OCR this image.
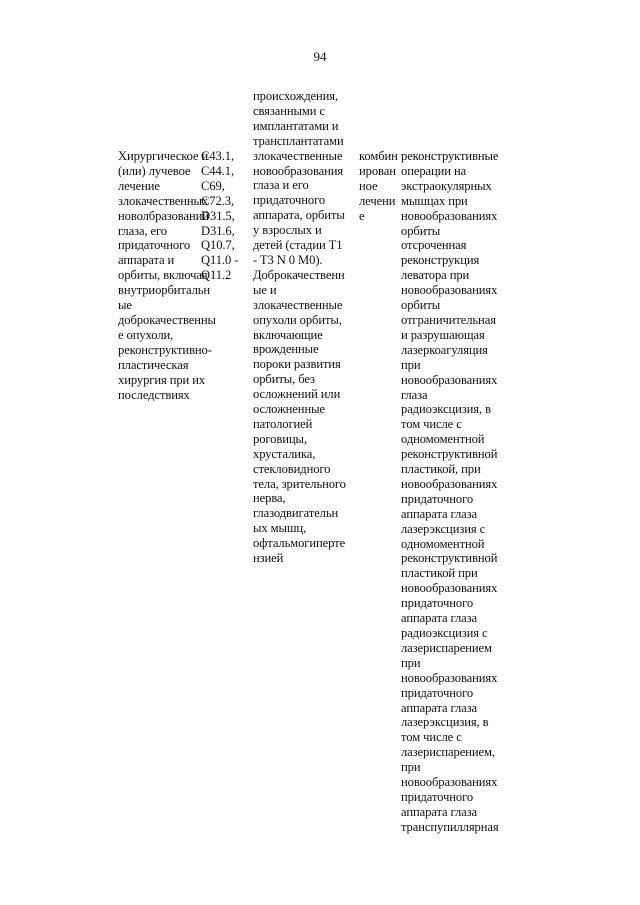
94
Хирургическое и
(или) лучевое
лечение
злокачественных
новолбразований
глаза, его
придаточного
аппарата и
орбиты, включая
внутриорбитальн
ые
доброкачественны
е опухоли,
реконструктивно-
пластическая
хирургия при их
последствиях
C43.1,
C44.1,
C69,
C72.3,
D31.5,
D31.6,
Q10.7,
Q11.0 -
Q11.2
происхождения,
связанными с
имплантатами и
трансплантатами
злокачественные
новообразования
глаза и его
придаточного
аппарата, орбиты
у взрослых и
детей (стадии T1
- T3 N 0 M0).
Доброкачественн
ые и
злокачественные
опухоли орбиты,
включающие
врожденные
пороки развития
орбиты, без
осложнений или
осложненные
патологией
роговицы,
хрусталика,
стекловидного
тела, зрительного
нерва,
глазодвигательн
ых мышц,
офтальмогиперте
нзией
комбин
ирован
ное
лечени
е
реконструктивные
операции на
экстраокулярных
мышцах при
новообразованиях
орбиты
отсроченная
реконструкция
леватора при
новообразованиях
орбиты
отграничительная
и разрушающая
лазеркоагуляция
при
новообразованиях
глаза
радиоэксцизия, в
том числе с
одномоментной
реконструктивной
пластикой, при
новообразованиях
придаточного
аппарата глаза
лазерэксцизия с
одномоментной
реконструктивной
пластикой при
новообразованиях
придаточного
аппарата глаза
радиоэксцизия с
лазериспарением
при
новообразованиях
придаточного
аппарата глаза
лазерэксцизия, в
том числе с
лазериспарением,
при
новообразованиях
придаточного
аппарата глаза
транспупиллярная
